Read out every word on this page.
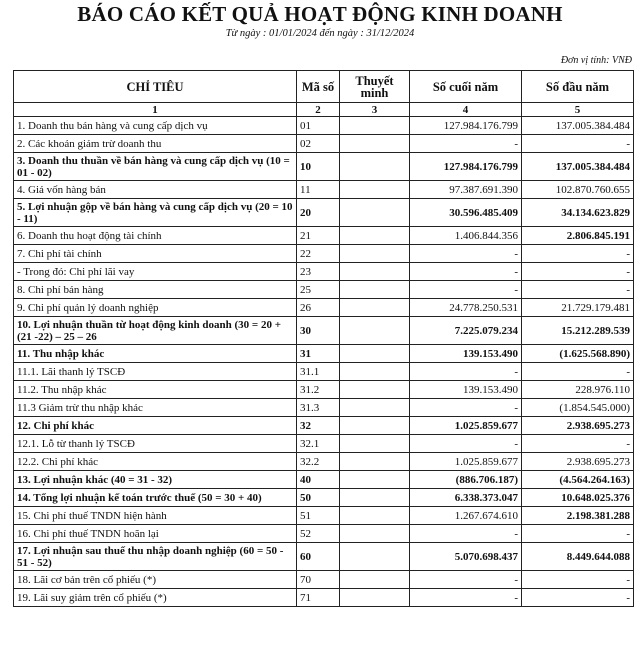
BÁO CÁO KẾT QUẢ HOẠT ĐỘNG KINH DOANH
Từ ngày : 01/01/2024 đến ngày : 31/12/2024
Đơn vị tính: VNĐ
CHỈ TIÊU	Mã số	Thuyết minh	Số cuối năm	Số đầu năm
1	2	3	4	5
1. Doanh thu bán hàng và cung cấp dịch vụ	01		127.984.176.799	137.005.384.484
2. Các khoản giảm trừ doanh thu	02		-	-
3. Doanh thu thuần về bán hàng và cung cấp dịch vụ (10 = 01 - 02)	10		127.984.176.799	137.005.384.484
4. Giá vốn hàng bán	11		97.387.691.390	102.870.760.655
5. Lợi nhuận gộp về bán hàng và cung cấp dịch vụ (20 = 10 - 11)	20		30.596.485.409	34.134.623.829
6. Doanh thu hoạt động tài chính	21		1.406.844.356	2.806.845.191
7. Chi phí tài chính	22		-	-
- Trong đó: Chi phí lãi vay	23		-	-
8. Chi phí bán hàng	25		-	-
9. Chi phí quản lý doanh nghiệp	26		24.778.250.531	21.729.179.481
10. Lợi nhuận thuần từ hoạt động kinh doanh (30 = 20 + (21 -22) – 25 – 26	30		7.225.079.234	15.212.289.539
11. Thu nhập khác	31		139.153.490	(1.625.568.890)
11.1. Lãi thanh lý TSCĐ	31.1		-	-
11.2. Thu nhập khác	31.2		139.153.490	228.976.110
11.3 Giảm trừ thu nhập khác	31.3		-	(1.854.545.000)
12. Chi phí khác	32		1.025.859.677	2.938.695.273
12.1. Lỗ từ thanh lý TSCĐ	32.1		-	-
12.2. Chi phí khác	32.2		1.025.859.677	2.938.695.273
13. Lợi nhuận khác (40 = 31 - 32)	40		(886.706.187)	(4.564.264.163)
14. Tổng lợi nhuận kế toán trước thuế (50 = 30 + 40)	50		6.338.373.047	10.648.025.376
15. Chi phí thuế TNDN hiện hành	51		1.267.674.610	2.198.381.288
16. Chi phí thuế TNDN hoãn lại	52		-	-
17. Lợi nhuận sau thuế thu nhập doanh nghiệp (60 = 50 - 51 - 52)	60		5.070.698.437	8.449.644.088
18. Lãi cơ bản trên cổ phiếu (*)	70		-	-
19. Lãi suy giảm trên cổ phiếu (*)	71		-	-
